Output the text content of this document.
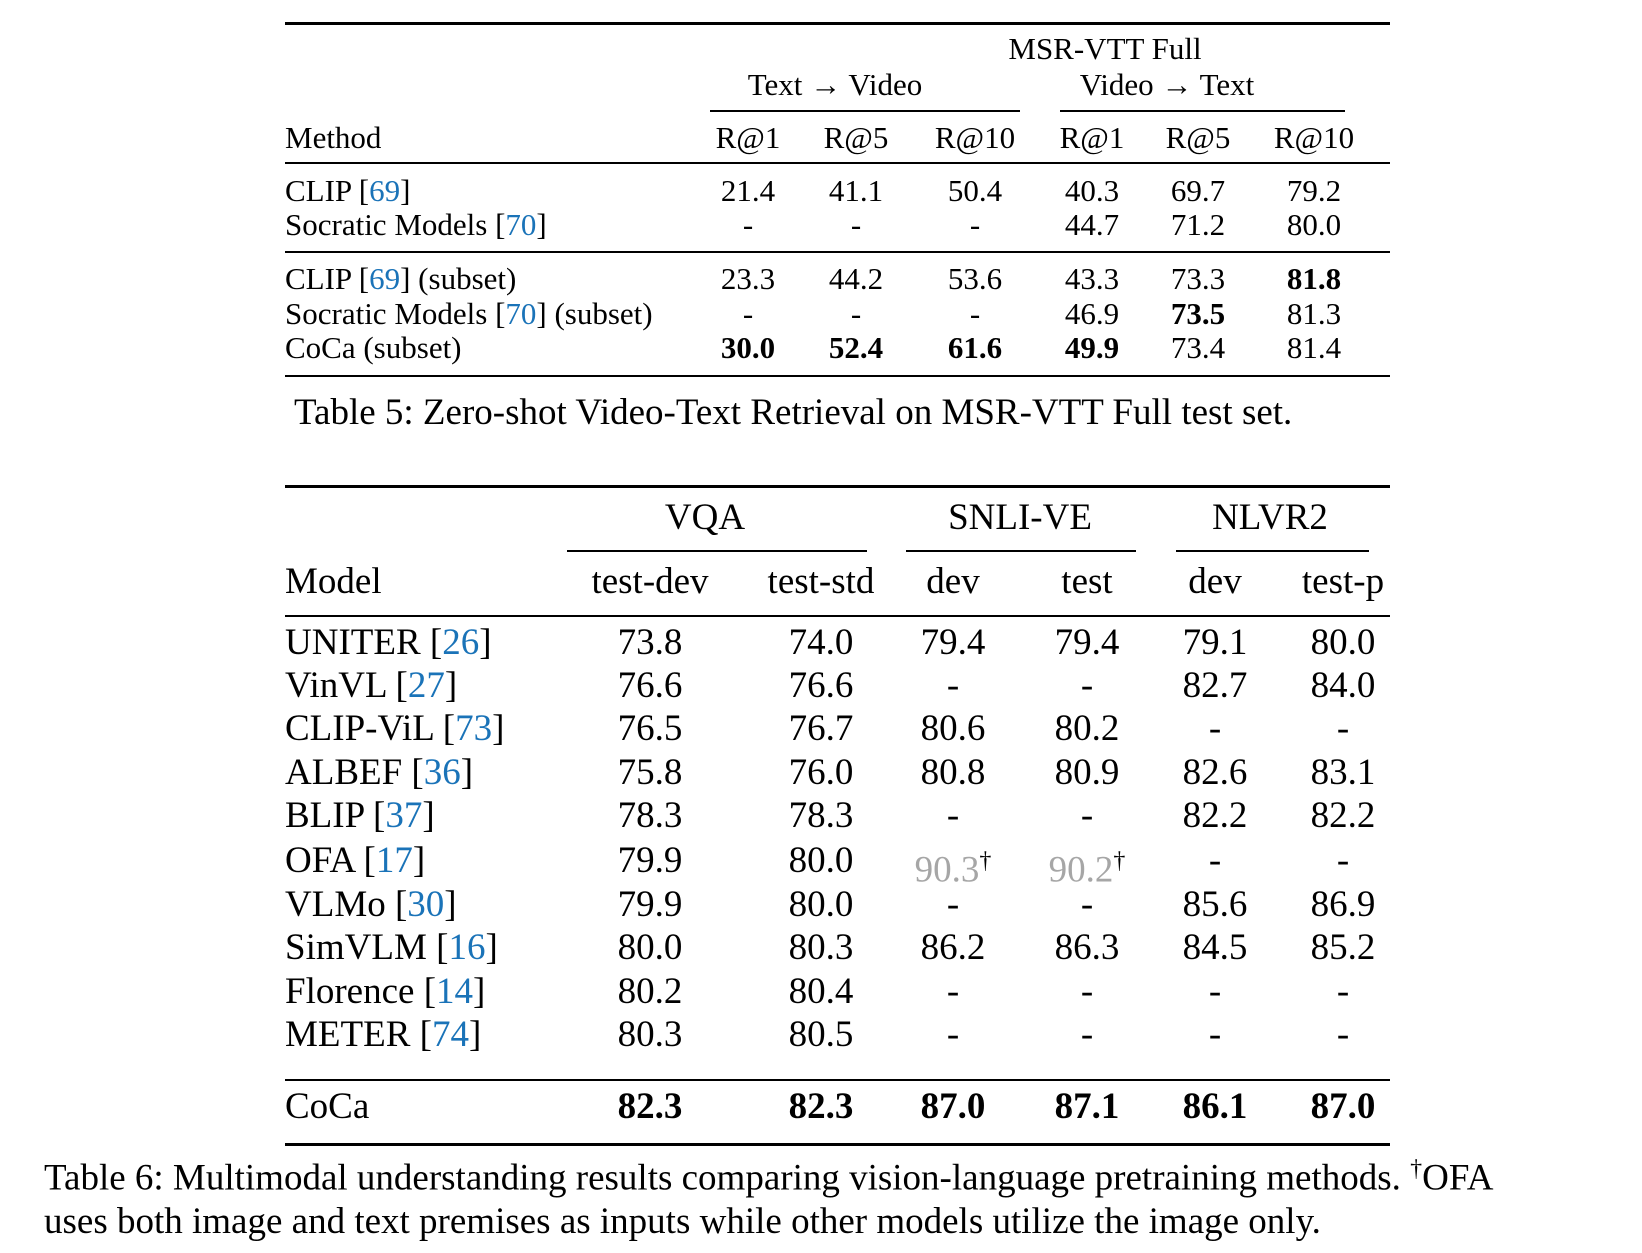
MSR-VTT Full
Text → Video	Video → Text
Method	R@1	R@5	R@10	R@1	R@5	R@10
CLIP [69]	21.4	41.1	50.4	40.3	69.7	79.2
Socratic Models [70]	-	-	-	44.7	71.2	80.0
CLIP [69] (subset)	23.3	44.2	53.6	43.3	73.3	81.8
Socratic Models [70] (subset)	-	-	-	46.9	73.5	81.3
CoCa (subset)	30.0	52.4	61.6	49.9	73.4	81.4
Table 5: Zero-shot Video-Text Retrieval on MSR-VTT Full test set.
VQA	SNLI-VE	NLVR2
Model	test-dev	test-std	dev	test	dev	test-p
UNITER [26]	73.8	74.0	79.4	79.4	79.1	80.0
VinVL [27]	76.6	76.6	-	-	82.7	84.0
CLIP-ViL [73]	76.5	76.7	80.6	80.2	-	-
ALBEF [36]	75.8	76.0	80.8	80.9	82.6	83.1
BLIP [37]	78.3	78.3	-	-	82.2	82.2
OFA [17]	79.9	80.0	90.3†	90.2†	-	-
VLMo [30]	79.9	80.0	-	-	85.6	86.9
SimVLM [16]	80.0	80.3	86.2	86.3	84.5	85.2
Florence [14]	80.2	80.4	-	-	-	-
METER [74]	80.3	80.5	-	-	-	-
CoCa	82.3	82.3	87.0	87.1	86.1	87.0
Table 6: Multimodal understanding results comparing vision-language pretraining methods. †OFA
uses both image and text premises as inputs while other models utilize the image only.
